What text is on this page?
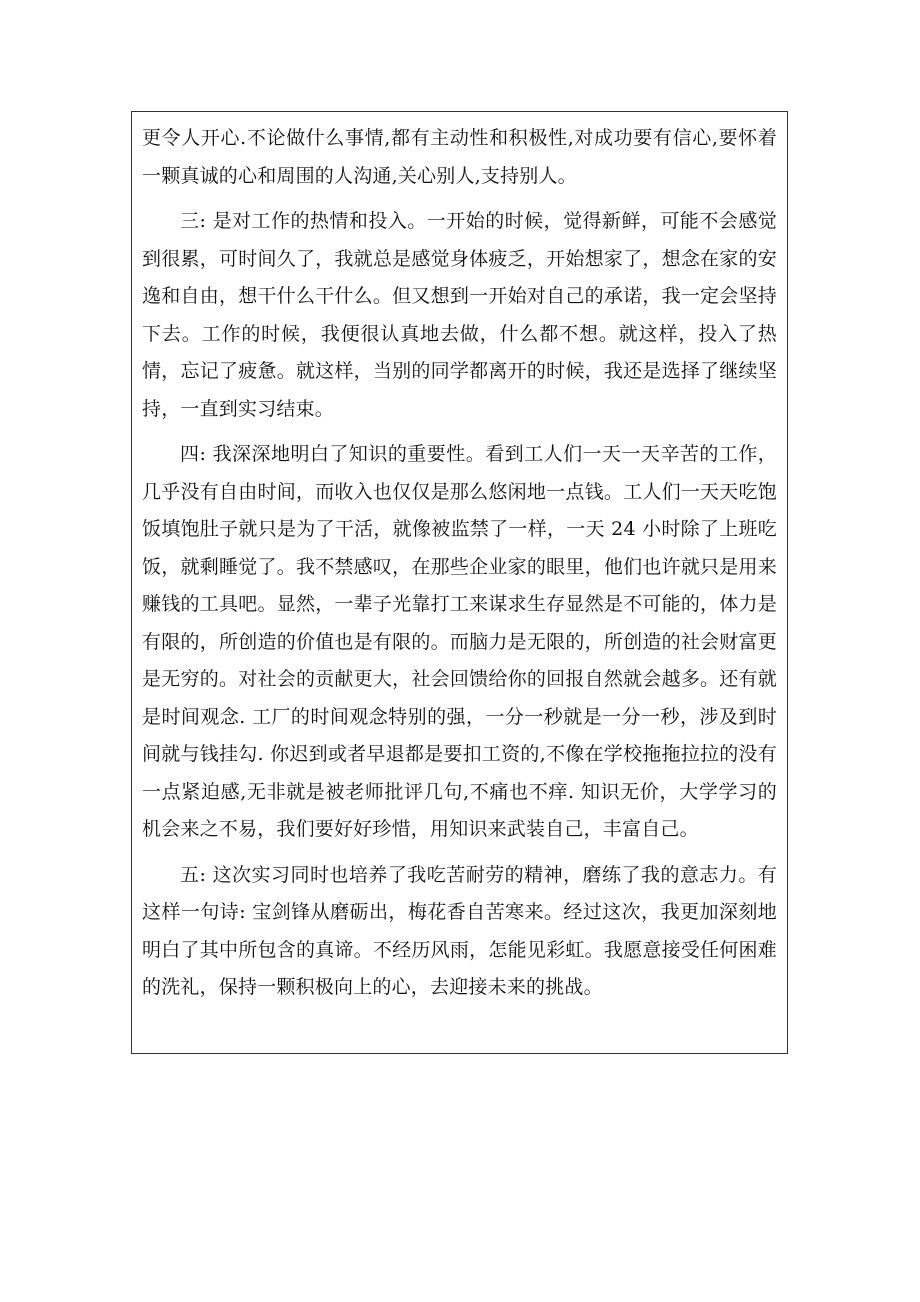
更令人开心.不论做什么事情,都有主动性和积极性,对成功要有信心,要怀着一颗真诚的心和周围的人沟通,关心别人,支持别人。

三: 是对工作的热情和投入。一开始的时候，觉得新鲜，可能不会感觉到很累，可时间久了，我就总是感觉身体疲乏，开始想家了，想念在家的安逸和自由，想干什么干什么。但又想到一开始对自己的承诺，我一定会坚持下去。工作的时候，我便很认真地去做，什么都不想。就这样，投入了热情，忘记了疲惫。就这样，当别的同学都离开的时候，我还是选择了继续坚持，一直到实习结束。

四: 我深深地明白了知识的重要性。看到工人们一天一天辛苦的工作，几乎没有自由时间，而收入也仅仅是那么悠闲地一点钱。工人们一天天吃饱饭填饱肚子就只是为了干活，就像被监禁了一样，一天 24 小时除了上班吃饭，就剩睡觉了。我不禁感叹，在那些企业家的眼里，他们也许就只是用来赚钱的工具吧。显然，一辈子光靠打工来谋求生存显然是不可能的，体力是有限的，所创造的价值也是有限的。而脑力是无限的，所创造的社会财富更是无穷的。对社会的贡献更大，社会回馈给你的回报自然就会越多。还有就是时间观念. 工厂的时间观念特别的强，一分一秒就是一分一秒，涉及到时间就与钱挂勾. 你迟到或者早退都是要扣工资的,不像在学校拖拖拉拉的没有一点紧迫感,无非就是被老师批评几句,不痛也不痒. 知识无价，大学学习的机会来之不易，我们要好好珍惜，用知识来武装自己，丰富自己。

五: 这次实习同时也培养了我吃苦耐劳的精神，磨练了我的意志力。有这样一句诗: 宝剑锋从磨砺出，梅花香自苦寒来。经过这次，我更加深刻地明白了其中所包含的真谛。不经历风雨，怎能见彩虹。我愿意接受任何困难的洗礼，保持一颗积极向上的心，去迎接未来的挑战。
